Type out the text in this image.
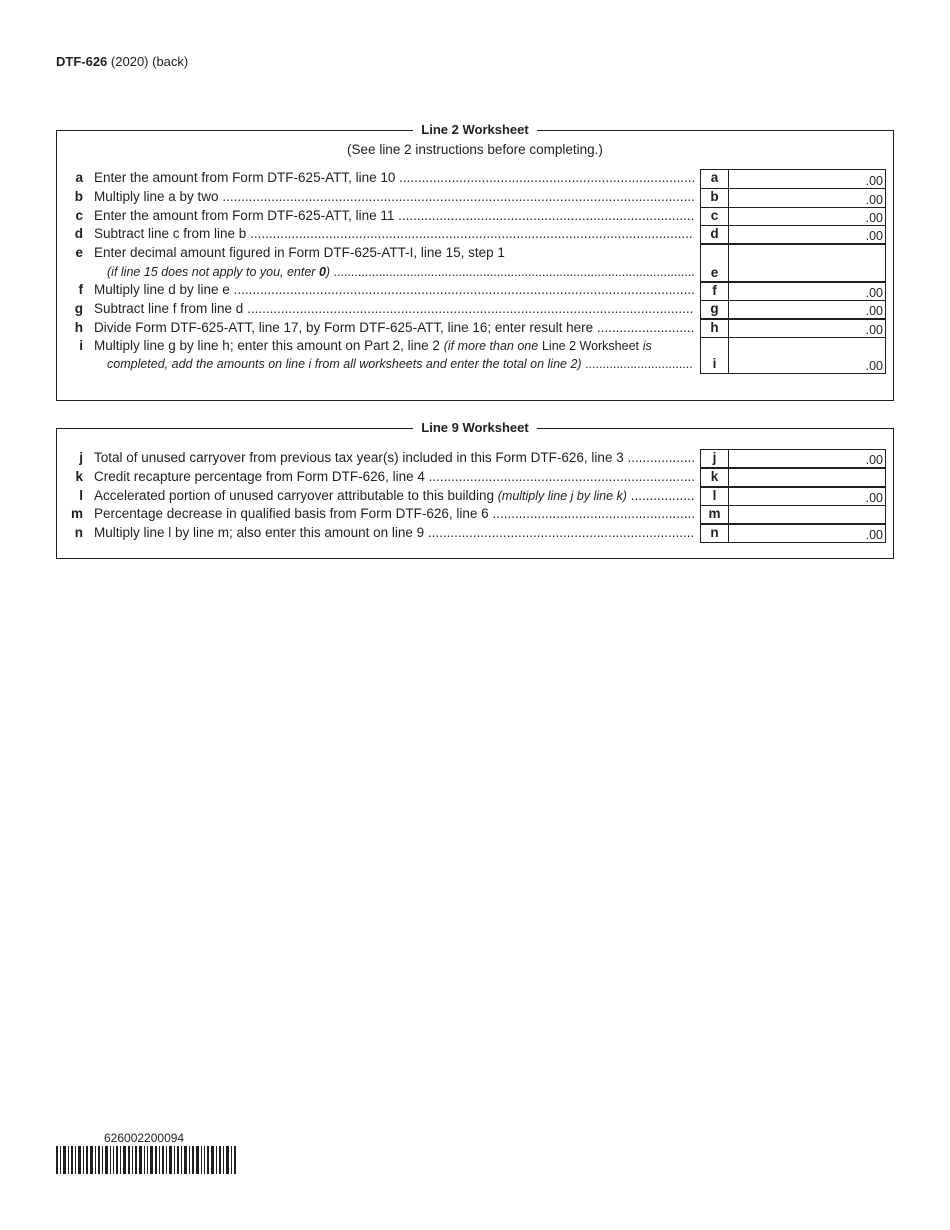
DTF-626 (2020) (back)
Line 2 Worksheet
(See line 2 instructions before completing.)
a Enter the amount from Form DTF-625-ATT, line 10 .....	a	.00
b Multiply line a by two .....	b	.00
c Enter the amount from Form DTF-625-ATT, line 11 .....	c	.00
d Subtract line c from line b .....	d	.00
e Enter decimal amount figured in Form DTF-625-ATT-I, line 15, step 1
(if line 15 does not apply to you, enter 0) .....	e
f Multiply line d by line e .....	f	.00
g Subtract line f from line d .....	g	.00
h Divide Form DTF-625-ATT, line 17, by Form DTF-625-ATT, line 16; enter result here .....	h	.00
i Multiply line g by line h; enter this amount on Part 2, line 2 (if more than one Line 2 Worksheet is
completed, add the amounts on line i from all worksheets and enter the total on line 2) .....	i	.00
Line 9 Worksheet
j Total of unused carryover from previous tax year(s) included in this Form DTF-626, line 3 .....	j	.00
k Credit recapture percentage from Form DTF-626, line 4 .....	k
l Accelerated portion of unused carryover attributable to this building (multiply line j by line k) .....	l	.00
m Percentage decrease in qualified basis from Form DTF-626, line 6 .....	m
n Multiply line l by line m; also enter this amount on line 9 .....	n	.00
626002200094
